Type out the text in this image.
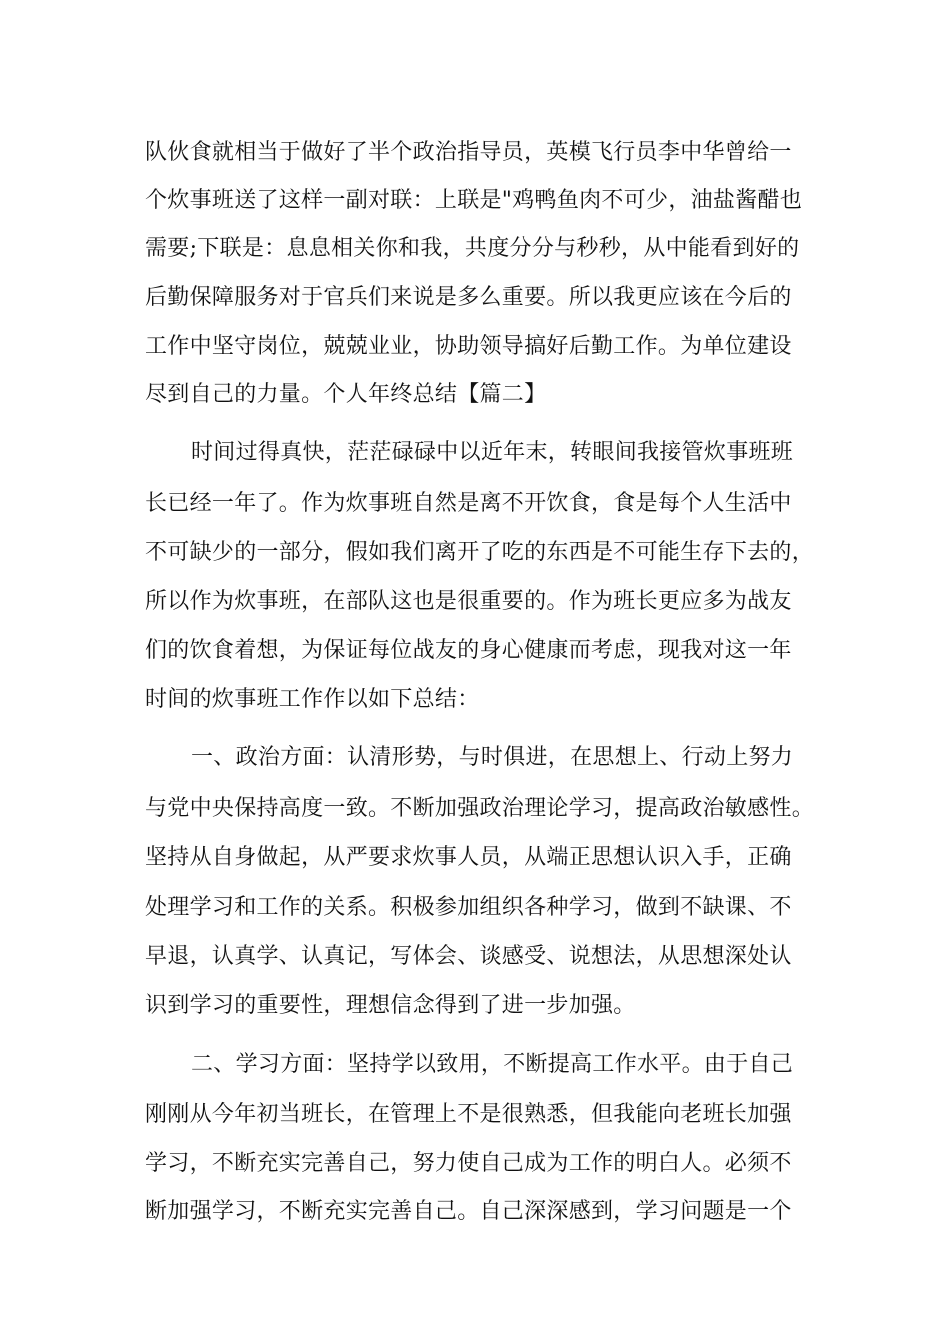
队伙食就相当于做好了半个政治指导员，英模飞行员李中华曾给一
个炊事班送了这样一副对联：上联是"鸡鸭鱼肉不可少，油盐酱醋也
需要;下联是：息息相关你和我，共度分分与秒秒，从中能看到好的
后勤保障服务对于官兵们来说是多么重要。所以我更应该在今后的
工作中坚守岗位，兢兢业业，协助领导搞好后勤工作。为单位建设
尽到自己的力量。个人年终总结【篇二】
时间过得真快，茫茫碌碌中以近年末，转眼间我接管炊事班班
长已经一年了。作为炊事班自然是离不开饮食，食是每个人生活中
不可缺少的一部分，假如我们离开了吃的东西是不可能生存下去的，
所以作为炊事班，在部队这也是很重要的。作为班长更应多为战友
们的饮食着想，为保证每位战友的身心健康而考虑，现我对这一年
时间的炊事班工作作以如下总结：
一、政治方面：认清形势，与时俱进，在思想上、行动上努力
与党中央保持高度一致。不断加强政治理论学习，提高政治敏感性。
坚持从自身做起，从严要求炊事人员，从端正思想认识入手，正确
处理学习和工作的关系。积极参加组织各种学习，做到不缺课、不
早退，认真学、认真记，写体会、谈感受、说想法，从思想深处认
识到学习的重要性，理想信念得到了进一步加强。
二、学习方面：坚持学以致用，不断提高工作水平。由于自己
刚刚从今年初当班长，在管理上不是很熟悉，但我能向老班长加强
学习，不断充实完善自己，努力使自己成为工作的明白人。必须不
断加强学习，不断充实完善自己。自己深深感到，学习问题是一个
